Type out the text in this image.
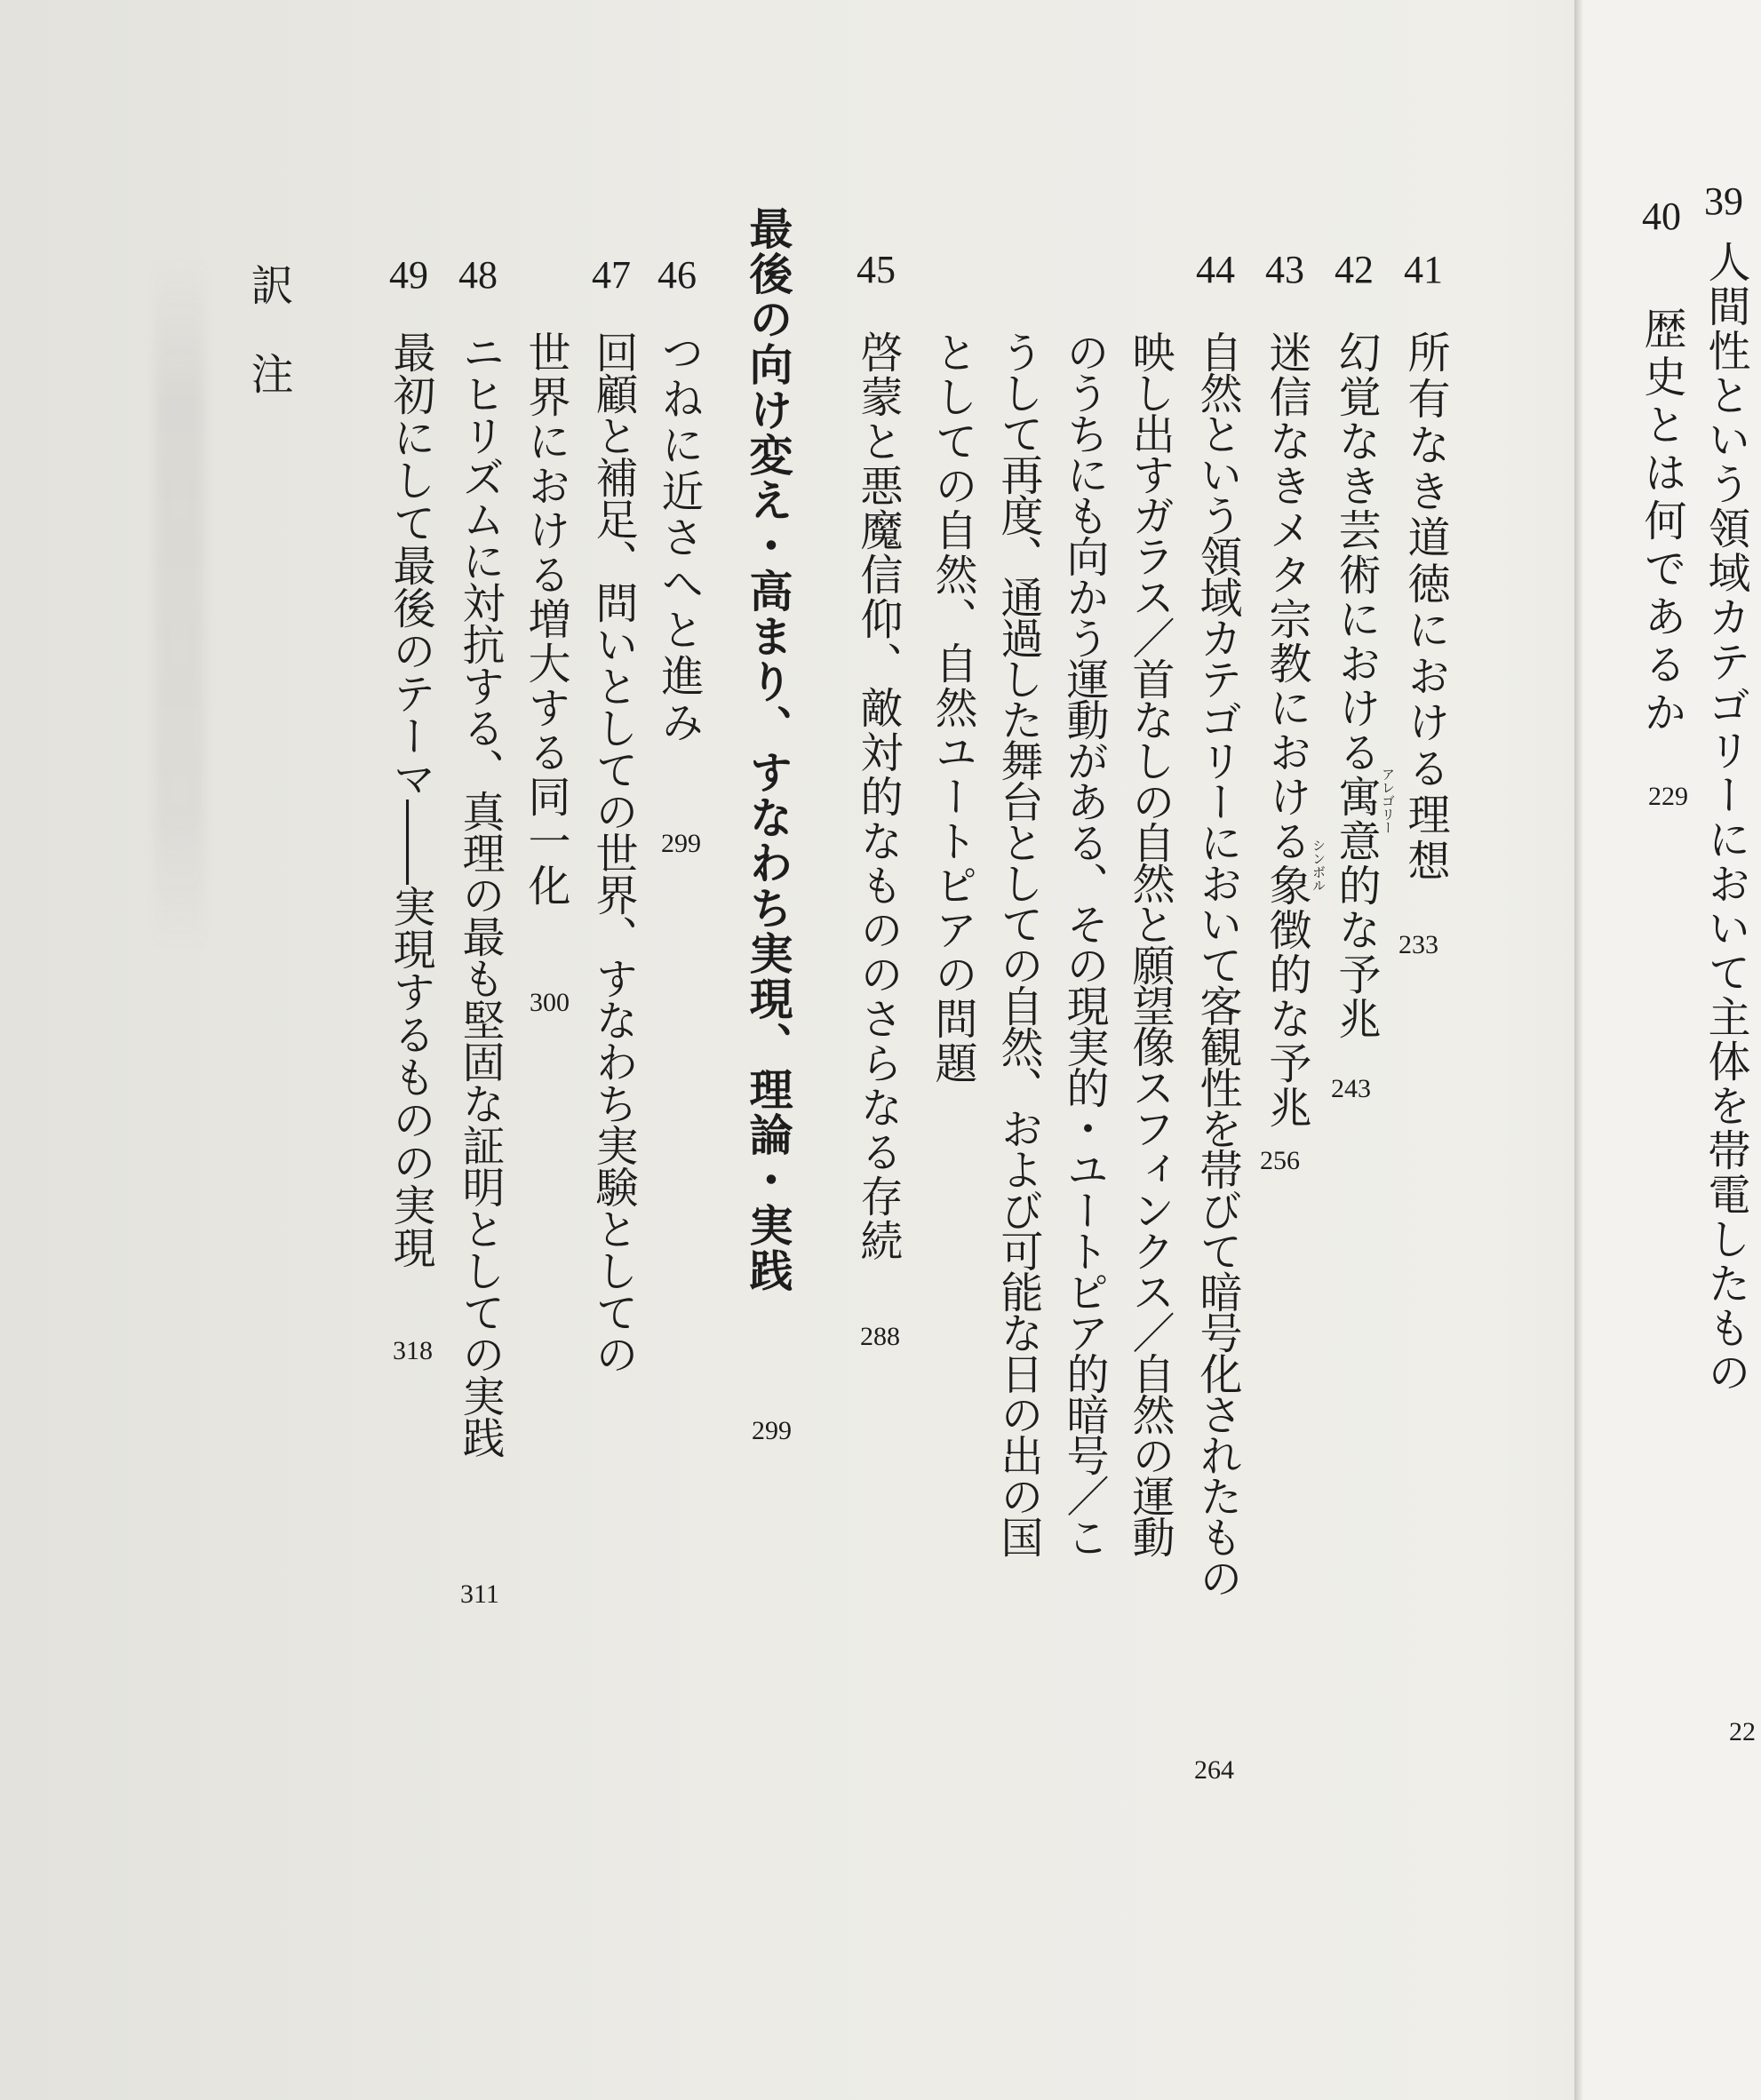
39
人間性という領域カテゴリーにおいて主体を帯電したもの
22
40
歴史とは何であるか
229
41
所有なき道徳における理想
233
42
幻覚なき芸術における寓意的な予兆 アレゴリー
243
43
迷信なきメタ宗教における象徴的な予兆 シンボル
256
44
自然という領域カテゴリーにおいて客観性を帯びて暗号化されたもの
映し出すガラス／首なしの自然と願望像スフィンクス／自然の運動
のうちにも向かう運動がある、その現実的・ユートピア的暗号／こ
うして再度、通過した舞台としての自然、および可能な日の出の国
としての自然、自然ユートピアの問題
264
45
啓蒙と悪魔信仰、敵対的なもののさらなる存続
288
最後の向け変え・高まり、すなわち実現、理論・実践
299
46
つねに近さへと進み
299
47
回顧と補足、問いとしての世界、すなわち実験としての
世界における増大する同一化
300
48
ニヒリズムに対抗する、真理の最も堅固な証明としての実践
311
49
最初にして最後のテーマ――実現するものの実現
318
訳　注
